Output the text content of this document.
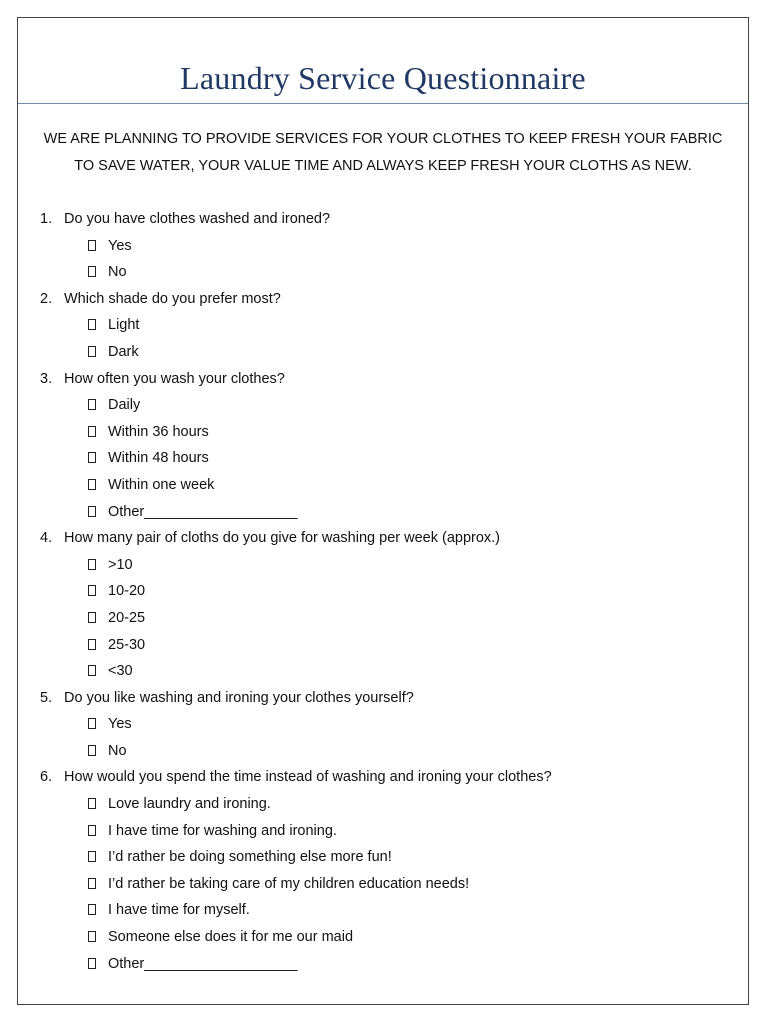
Laundry Service Questionnaire
WE ARE PLANNING TO PROVIDE SERVICES FOR YOUR CLOTHES TO KEEP FRESH YOUR FABRIC
TO SAVE WATER, YOUR VALUE TIME AND ALWAYS KEEP FRESH YOUR CLOTHS AS NEW.
1. Do you have clothes washed and ironed?
Yes
No
2. Which shade do you prefer most?
Light
Dark
3. How often you wash your clothes?
Daily
Within 36 hours
Within 48 hours
Within one week
Other___________________
4. How many pair of cloths do you give for washing per week (approx.)
>10
10-20
20-25
25-30
<30
5. Do you like washing and ironing your clothes yourself?
Yes
No
6. How would you spend the time instead of washing and ironing your clothes?
Love laundry and ironing.
I have time for washing and ironing.
I’d rather be doing something else more fun!
I’d rather be taking care of my children education needs!
I have time for myself.
Someone else does it for me our maid
Other___________________
